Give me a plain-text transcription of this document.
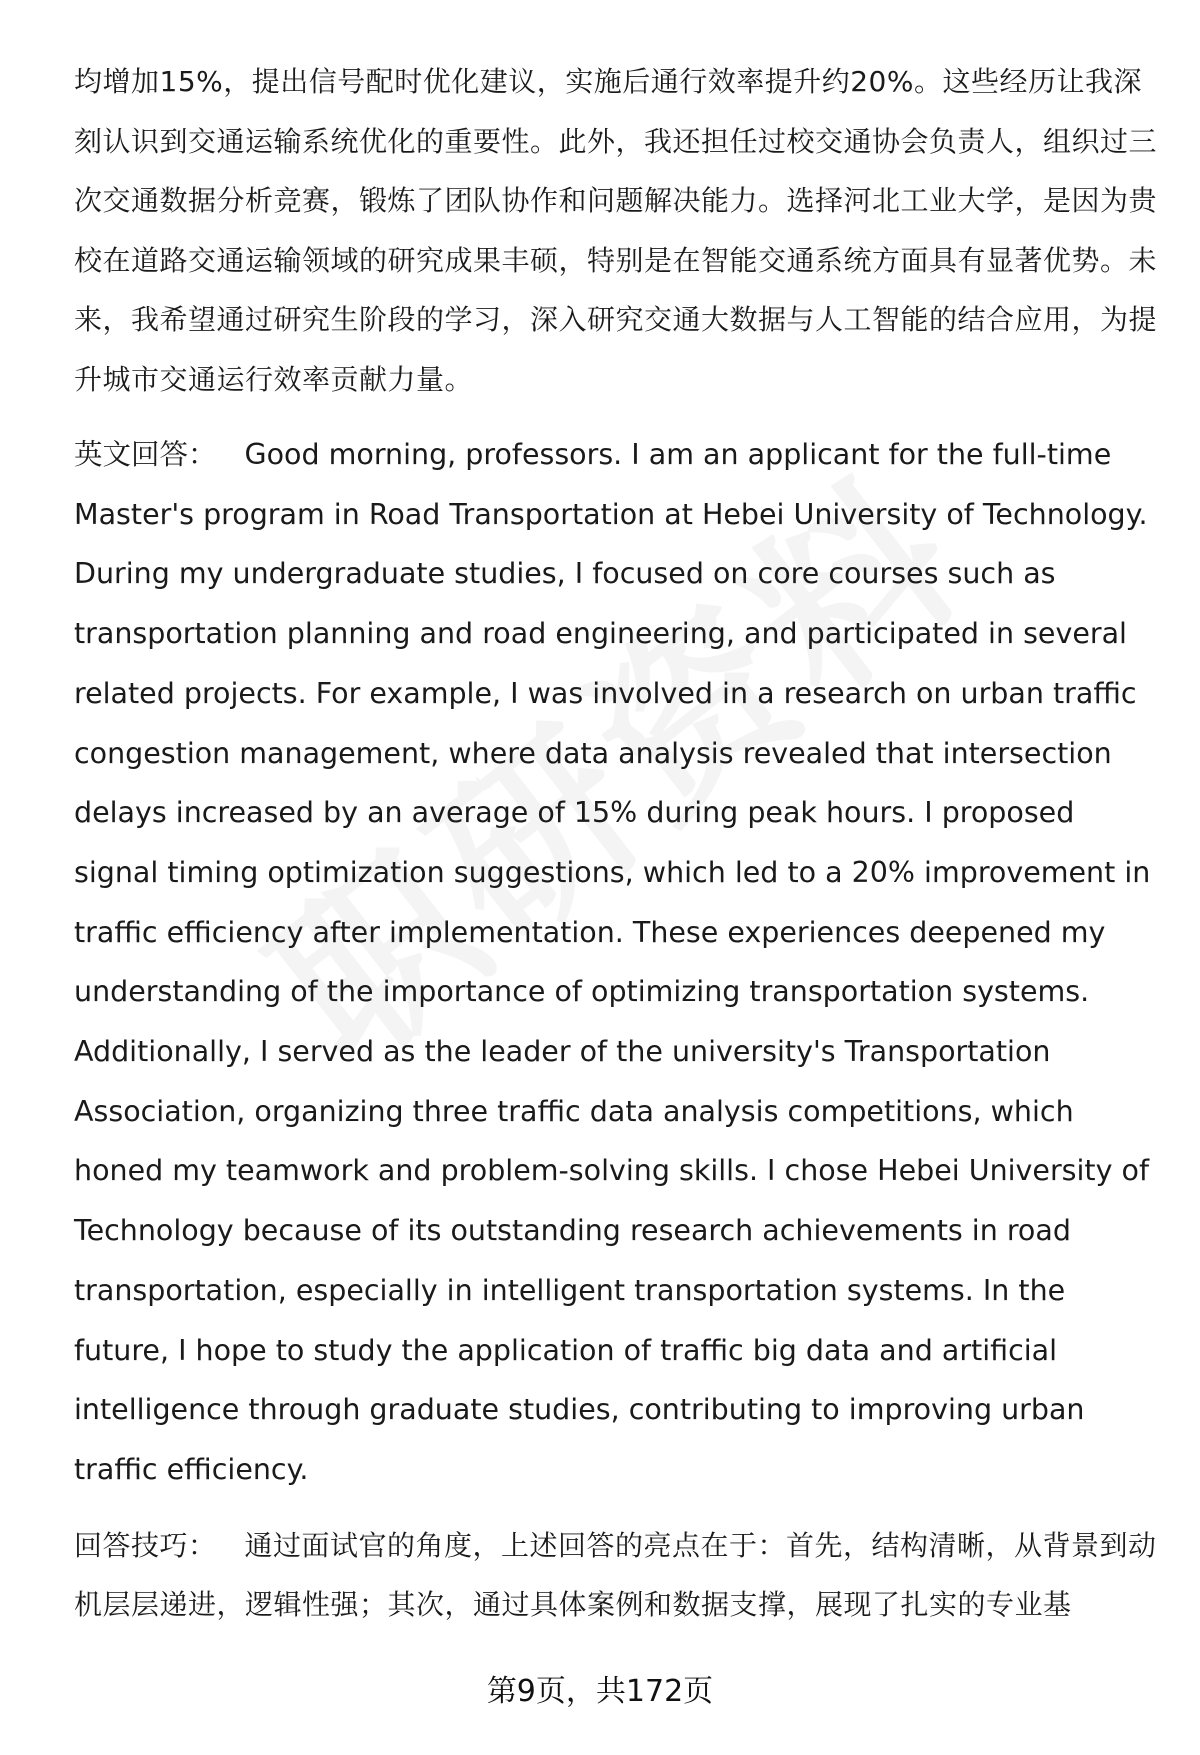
均增加15%，提出信号配时优化建议，实施后通行效率提升约20%。这些经历让我深刻认识到交通运输系统优化的重要性。此外，我还担任过校交通协会负责人，组织过三次交通数据分析竞赛，锻炼了团队协作和问题解决能力。选择河北工业大学，是因为贵校在道路交通运输领域的研究成果丰硕，特别是在智能交通系统方面具有显著优势。未来，我希望通过研究生阶段的学习，深入研究交通大数据与人工智能的结合应用，为提升城市交通运行效率贡献力量。

英文回答： Good morning, professors. I am an applicant for the full-time Master's program in Road Transportation at Hebei University of Technology. During my undergraduate studies, I focused on core courses such as transportation planning and road engineering, and participated in several related projects. For example, I was involved in a research on urban traffic congestion management, where data analysis revealed that intersection delays increased by an average of 15% during peak hours. I proposed signal timing optimization suggestions, which led to a 20% improvement in traffic efficiency after implementation. These experiences deepened my understanding of the importance of optimizing transportation systems. Additionally, I served as the leader of the university's Transportation Association, organizing three traffic data analysis competitions, which honed my teamwork and problem-solving skills. I chose Hebei University of Technology because of its outstanding research achievements in road transportation, especially in intelligent transportation systems. In the future, I hope to study the application of traffic big data and artificial intelligence through graduate studies, contributing to improving urban traffic efficiency.

回答技巧： 通过面试官的角度，上述回答的亮点在于：首先，结构清晰，从背景到动机层层递进，逻辑性强；其次，通过具体案例和数据支撑，展现了扎实的专业基

第9页，共172页
